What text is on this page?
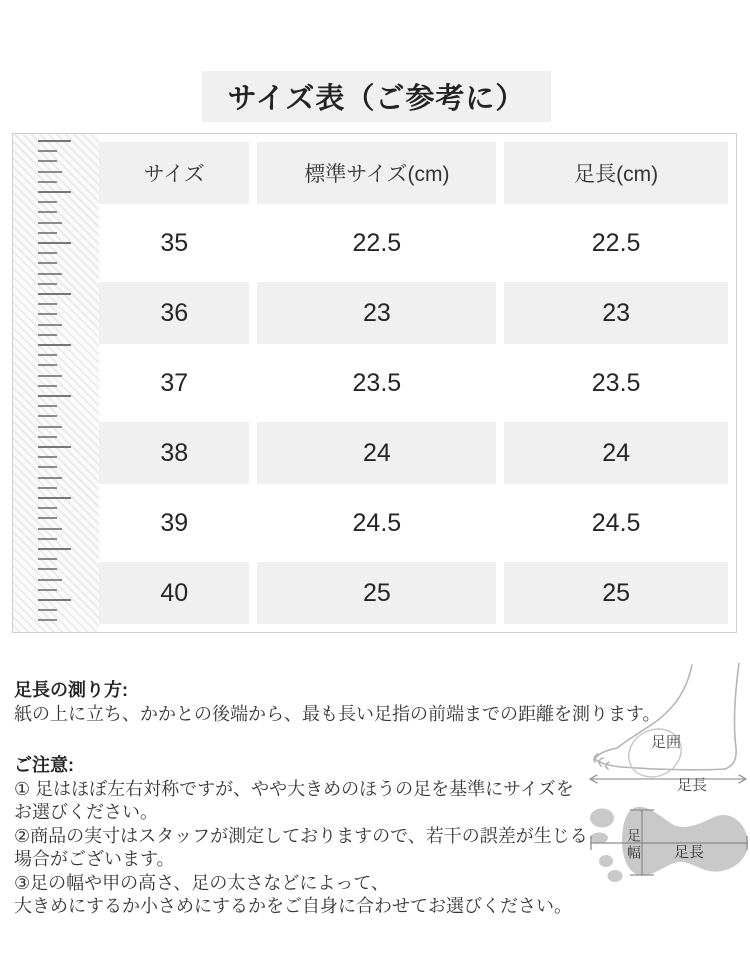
サイズ表（ご参考に）
サイズ	標準サイズ(cm)	足長(cm)
35	22.5	22.5
36	23	23
37	23.5	23.5
38	24	24
39	24.5	24.5
40	25	25
足長の測り方:
紙の上に立ち、かかとの後端から、最も長い足指の前端までの距離を測ります。
ご注意:
① 足はほぼ左右対称ですが、やや大きめのほうの足を基準にサイズを
お選びください。
②商品の実寸はスタッフが測定しておりますので、若干の誤差が生じる
場合がございます。
③足の幅や甲の高さ、足の太さなどによって、
大きめにするか小さめにするかをご自身に合わせてお選びください。
足囲
足長
足幅 足長
